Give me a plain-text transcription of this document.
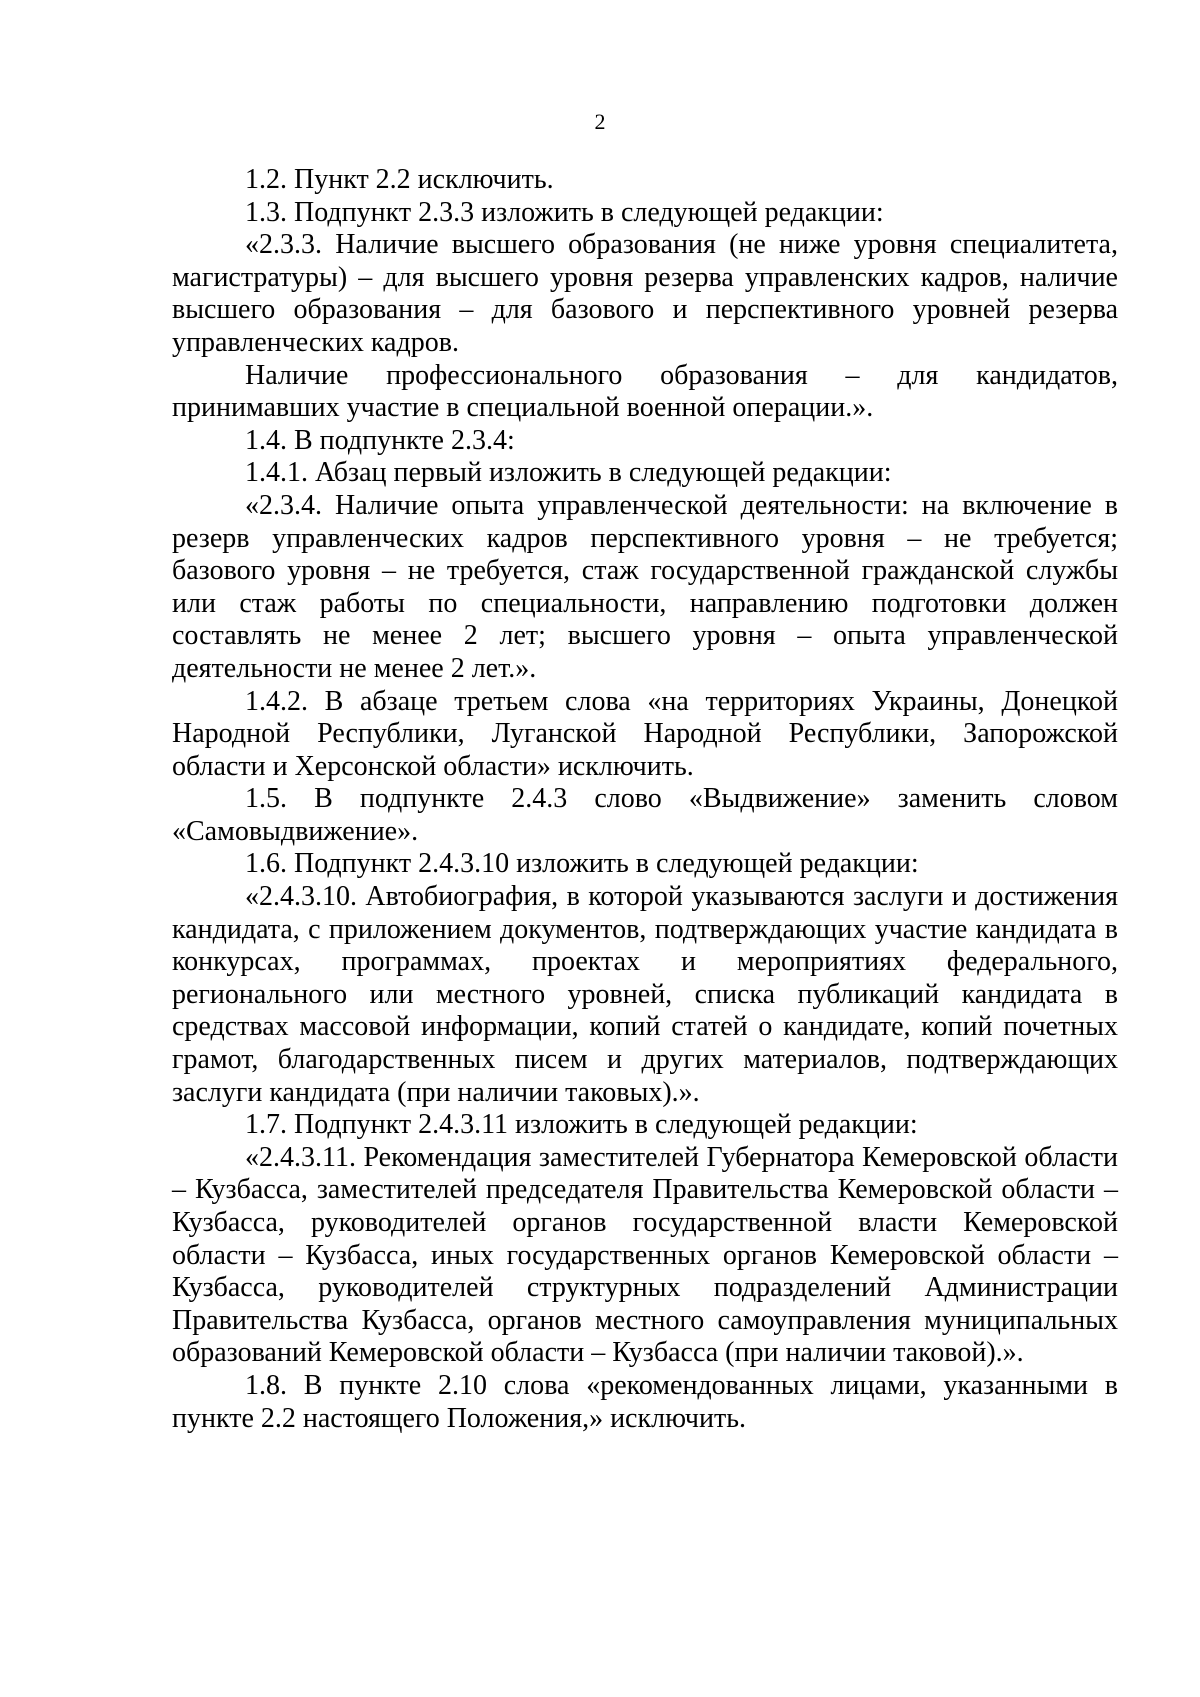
2

1.2. Пункт 2.2 исключить.

1.3. Подпункт 2.3.3 изложить в следующей редакции:

«2.3.3. Наличие высшего образования (не ниже уровня специалитета, магистратуры) – для высшего уровня резерва управленских кадров, наличие высшего образования – для базового и перспективного уровней резерва управленческих кадров.

Наличие профессионального образования – для кандидатов, принимавших участие в специальной военной операции.».

1.4. В подпункте 2.3.4:

1.4.1. Абзац первый изложить в следующей редакции:

«2.3.4. Наличие опыта управленческой деятельности: на включение в резерв управленческих кадров перспективного уровня – не требуется; базового уровня – не требуется, стаж государственной гражданской службы или стаж работы по специальности, направлению подготовки должен составлять не менее 2 лет; высшего уровня – опыта управленческой деятельности не менее 2 лет.».

1.4.2. В абзаце третьем слова «на территориях Украины, Донецкой Народной Республики, Луганской Народной Республики, Запорожской области и Херсонской области» исключить.

1.5. В подпункте 2.4.3 слово «Выдвижение» заменить словом «Самовыдвижение».

1.6. Подпункт 2.4.3.10 изложить в следующей редакции:

«2.4.3.10. Автобиография, в которой указываются заслуги и достижения кандидата, с приложением документов, подтверждающих участие кандидата в конкурсах, программах, проектах и мероприятиях федерального, регионального или местного уровней, списка публикаций кандидата в средствах массовой информации, копий статей о кандидате, копий почетных грамот, благодарственных писем и других материалов, подтверждающих заслуги кандидата (при наличии таковых).».

1.7. Подпункт 2.4.3.11 изложить в следующей редакции:

«2.4.3.11. Рекомендация заместителей Губернатора Кемеровской области – Кузбасса, заместителей председателя Правительства Кемеровской области – Кузбасса, руководителей органов государственной власти Кемеровской области – Кузбасса, иных государственных органов Кемеровской области – Кузбасса, руководителей структурных подразделений Администрации Правительства Кузбасса, органов местного самоуправления муниципальных образований Кемеровской области – Кузбасса (при наличии таковой).».

1.8. В пункте 2.10 слова «рекомендованных лицами, указанными в пункте 2.2 настоящего Положения,» исключить.
